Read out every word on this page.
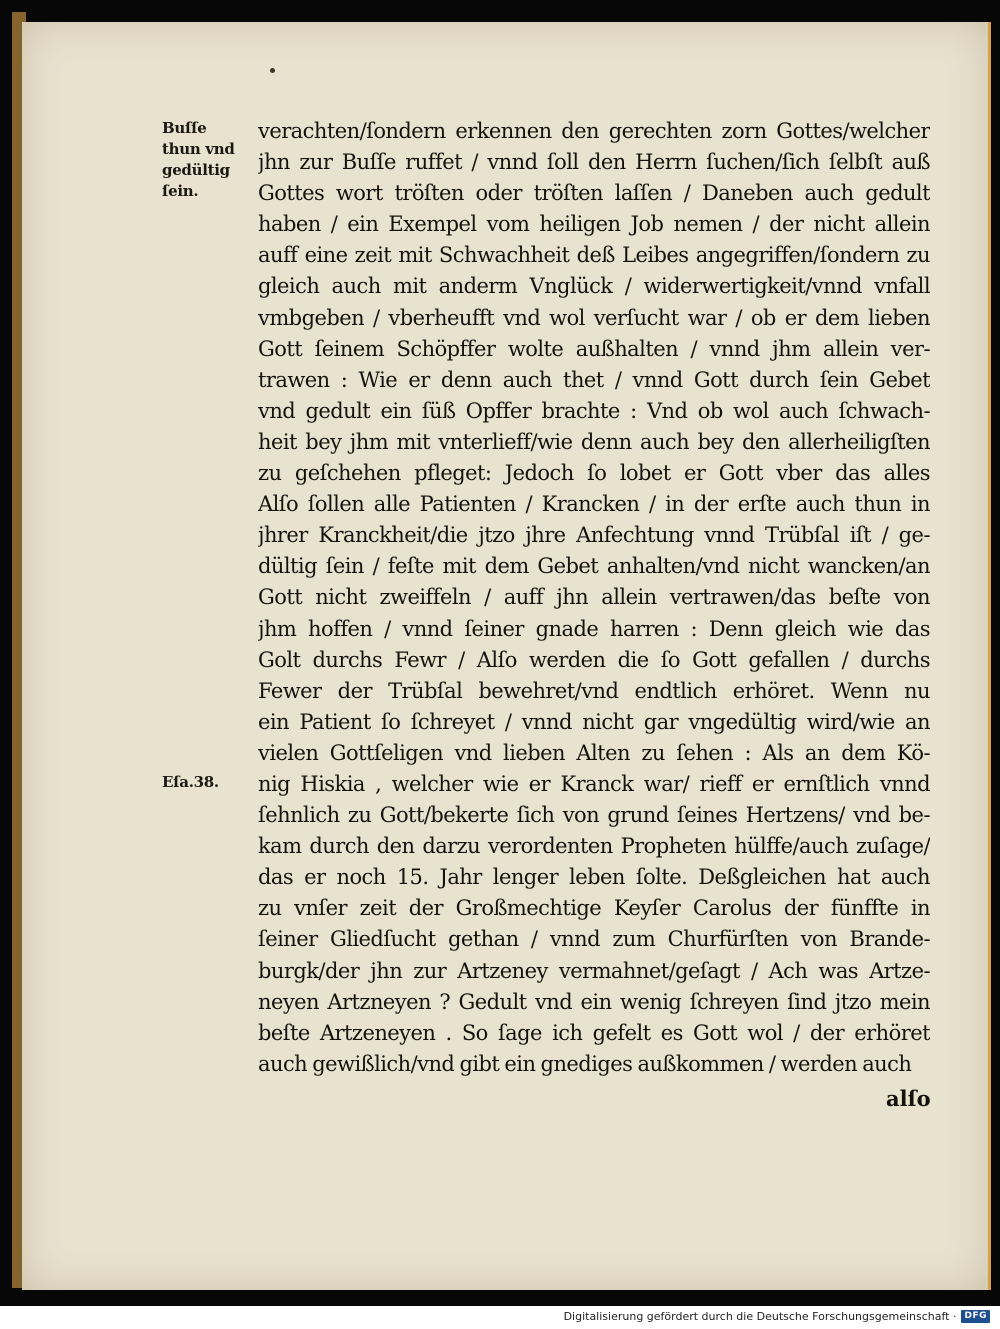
Buſſe
thun vnd
gedültig
ſein.
Eſa.38.
verachten/ſondern erkennen den gerechten zorn Gottes/welcher
jhn zur Buſſe ruffet / vnnd ſoll den Herrn ſuchen/ſich ſelbſt auß
Gottes wort tröſten oder tröſten laſſen / Daneben auch gedult
haben / ein Exempel vom heiligen Job nemen / der nicht allein
auff eine zeit mit Schwachheit deß Leibes angegriffen/ſondern zu
gleich auch mit anderm Vnglück / widerwertigkeit/vnnd vnfall
vmbgeben / vberheufft vnd wol verſucht war / ob er dem lieben
Gott ſeinem Schöpffer wolte außhalten / vnnd jhm allein ver-
trawen : Wie er denn auch thet / vnnd Gott durch ſein Gebet
vnd gedult ein ſüß Opffer brachte : Vnd ob wol auch ſchwach-
heit bey jhm mit vnterlieff/wie denn auch bey den allerheiligſten
zu geſchehen pfleget: Jedoch ſo lobet er Gott vber das alles
Alſo ſollen alle Patienten / Krancken / in der erſte auch thun in
jhrer Kranckheit/die jtzo jhre Anfechtung vnnd Trübſal iſt / ge-
dültig ſein / feſte mit dem Gebet anhalten/vnd nicht wancken/an
Gott nicht zweiffeln / auff jhn allein vertrawen/das beſte von
jhm hoffen / vnnd ſeiner gnade harren : Denn gleich wie das
Golt durchs Fewr / Alſo werden die ſo Gott gefallen / durchs
Fewer der Trübſal bewehret/vnd endtlich erhöret. Wenn nu
ein Patient ſo ſchreyet / vnnd nicht gar vngedültig wird/wie an
vielen Gottſeligen vnd lieben Alten zu ſehen : Als an dem Kö-
nig Hiskia , welcher wie er Kranck war/ rieff er ernſtlich vnnd
ſehnlich zu Gott/bekerte ſich von grund ſeines Hertzens/ vnd be-
kam durch den darzu verordenten Propheten hülffe/auch zuſage/
das er noch 15. Jahr lenger leben ſolte. Deßgleichen hat auch
zu vnſer zeit der Großmechtige Keyſer Carolus der fünffte in
ſeiner Gliedſucht gethan / vnnd zum Churfürſten von Brande-
burgk/der jhn zur Artzeney vermahnet/geſagt / Ach was Artze-
neyen Artzneyen ? Gedult vnd ein wenig ſchreyen ſind jtzo mein
beſte Artzeneyen . So ſage ich gefelt es Gott wol / der erhöret
auch gewißlich/vnd gibt ein gnediges außkommen / werden auch
alſo
Digitalisierung gefördert durch die Deutsche Forschungsgemeinschaft · DFG
